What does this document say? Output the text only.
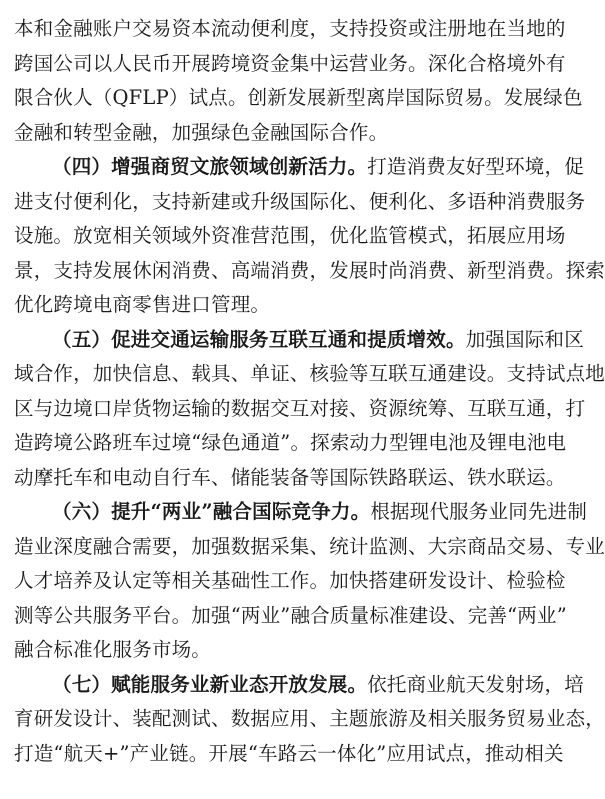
本和金融账户交易资本流动便利度，支持投资或注册地在当地的
跨国公司以人民币开展跨境资金集中运营业务。深化合格境外有
限合伙人（QFLP）试点。创新发展新型离岸国际贸易。发展绿色
金融和转型金融，加强绿色金融国际合作。
（四）增强商贸文旅领域创新活力。打造消费友好型环境，促
进支付便利化，支持新建或升级国际化、便利化、多语种消费服务
设施。放宽相关领域外资准营范围，优化监管模式，拓展应用场
景，支持发展休闲消费、高端消费，发展时尚消费、新型消费。探索
优化跨境电商零售进口管理。
（五）促进交通运输服务互联互通和提质增效。加强国际和区
域合作，加快信息、载具、单证、核验等互联互通建设。支持试点地
区与边境口岸货物运输的数据交互对接、资源统筹、互联互通，打
造跨境公路班车过境“绿色通道”。探索动力型锂电池及锂电池电
动摩托车和电动自行车、储能装备等国际铁路联运、铁水联运。
（六）提升“两业”融合国际竞争力。根据现代服务业同先进制
造业深度融合需要，加强数据采集、统计监测、大宗商品交易、专业
人才培养及认定等相关基础性工作。加快搭建研发设计、检验检
测等公共服务平台。加强“两业”融合质量标准建设、完善“两业”
融合标准化服务市场。
（七）赋能服务业新业态开放发展。依托商业航天发射场，培
育研发设计、装配测试、数据应用、主题旅游及相关服务贸易业态，
打造“航天+”产业链。开展“车路云一体化”应用试点，推动相关
